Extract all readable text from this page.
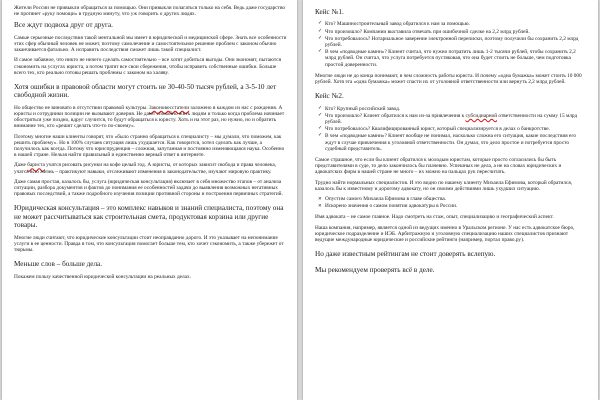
Жители России не привыкли обращаться за помощью. Они привыкли полагаться только на себя. Ведь даже государство не протянет «руку помощи» в трудную минуту, что уж говорить о других людях.

Все ждут подвоха друг от друга.

Самые серьезные последствия такой ментальной мы имеет в юридической и медицинской сфере. Знать все особенности этих сфер обычный человек не может, поэтому самолечение и самостоятельное решение проблем с законом обычно заканчивается фатально. А исправить последствия сможет лишь такой специалист.

И самое забавное, что никто не ничего сделать самостоятельно – все хотят добиться выгоды. Они экономят, пытаются сэкономить на услугах юриста, а потом тратят все свои сбережения, чтобы исправить собственные ошибки. Больше всего тех, кто реально готовы решать проблемы с законом на халяву.

Хотя ошибки в правовой области могут стоить не 30-40-50 тысяч рублей, а 3-5-10 лет свободной жизни.

Но общество не виновато в отсутствии правовой культуры. Законовосстатели заложено в каждом из нас с рождения. А юристы и сотрудники полиции не вызывают доверия. Не дают спокойно жить людям и только когда проблема начинает обостряться уже поздно, вдруг случится, то будут обращаться к юристу. Хоть и на этот раз, но нужно, но и обратить внимание тех, кто «решит сделать что-то по-своему».

Поэтому многие наши клиенты говорят, что «было странно обращаться к специалисту – мы думали, что поможем, как решить проблему». Но в 100% случаев ситуация лишь ухудшается. Как говорится, хотел сделать как лучше, а получилось как всегда. Потому что юриспруденция – сложная, запутанная и постоянно изменяющаяся наука. Особенно в нашей стране. Нельзя найти правильный и единственно верный ответ в интернете.

Даже бариста учатся рисовать рисунки на кофе целый год. А юристы, от которых зависит свобода и права человека, учатся всю жизнь – практикуют навыки, отслеживают изменения в законодательстве, изучают мировую практику.

Даже самая простая, казалось бы, услуга (юридическая консультация) включает в себя множество этапов – от анализа ситуации, разбора документов и фактов до понимания ее особенностей задачи до выявления возможных негативных правовых последствий, а также подробного изучения позиции противной стороны и построения первичных стратегий.

Юридическая консультация – это комплекс навыков и знаний специалиста, поэтому она не может рассчитываться как строительная смета, продуктовая корзина или другие товары.

Многие люди считают, что юридические консультации стоит неоправданно дорого. И это указывает на непонимание услуги в ее ценности. Правда в том, что консультация помогает больше тем, кто хочет сэкономить, а также убережет от тюрьмы.

Меньше слов – больше дела.

Покажем пользу качественной юридической консультации на реальных делах.

Кейс №1.

✓ Кто? Машиностроительный завод обратился к нам за помощью.
✓ Что произошло? Компании выставила отвечать при ошибочной сделке на 2,2 млрд рублей.
✓ Что потребовалось? Нотариальное заверение электронной переписки, поэтому получили бы сохранить 2,2 млрд рублей.
✓ В чем «подводные камни»? Клиент считал, что нужно потратить лишь 1-2 тысячи рублей, чтобы сохранить 2,2 млрд рублей. Он считал, что услуга потребуется пустяковая, что она будет стоить не больше, чем подготовка простой доверенности.

Многие люди не до конца понимают, в чем сложность работы юриста. И почему «одна бумажка» может стоить 10 000 рублей. Хотя эта «одна бумажка» может спасти их от уголовной ответственности или вернуть 2,2 млрд рублей.

Кейс №2.

✓ Кто? Крупный российский завод.
✓ Что произошло? Клиент обратился к нам из-за привлечения к субсидиарной ответственности на сумму 15 млрд рублей.
✓ Что потребовалось? Квалифицированный юрист, который специализируется в делах о банкротстве.
✓ В чем «подводные камни»? Клиент вообще не понимал, насколько сложна его ситуация, какие последствия его ждут в случае привлечения к уголовной ответственности. Он думал, что дело простое и потребуется просто судебный представитель.

Самое страшное, что если бы клиент обратился к молодым юристам, которые просто согласились бы быть представителями в суде, то дело закончилось бы плачевно. Успешных не дела, а не на словах юридических и адвокатских фирм в нашей стране не много – их можно на пальцах рук пересчитать.

Трудно найти нормальных специалистов. И это видно по нашему клиенту Михаила Ефимова, который обратился, казалось бы к известному и дорогому адвокату, но он своими действиями лишь ухудшил ситуацию.

✕ Опустим самого Михаила Ефимова в главе общества.
✕ Искорено значения о самом понятии адвокатуры в России.

Имя адвоката – не самое главное. Надо смотреть на стаж, опыт, специализацию и географический аспект.

Наша компания, например, является одной из ведущих именно в Уральском регионе. У нас есть адвокатское бюро, юридическое подразделение и ИЭБ. Арбитражную и уголовную специализацию наших специалистов признают ведущие международные юридические и российские рейтинги (например, портал право.ру).

Но даже известным рейтингам не стоит доверять вслепую.

Мы рекомендуем проверять всё в деле.
